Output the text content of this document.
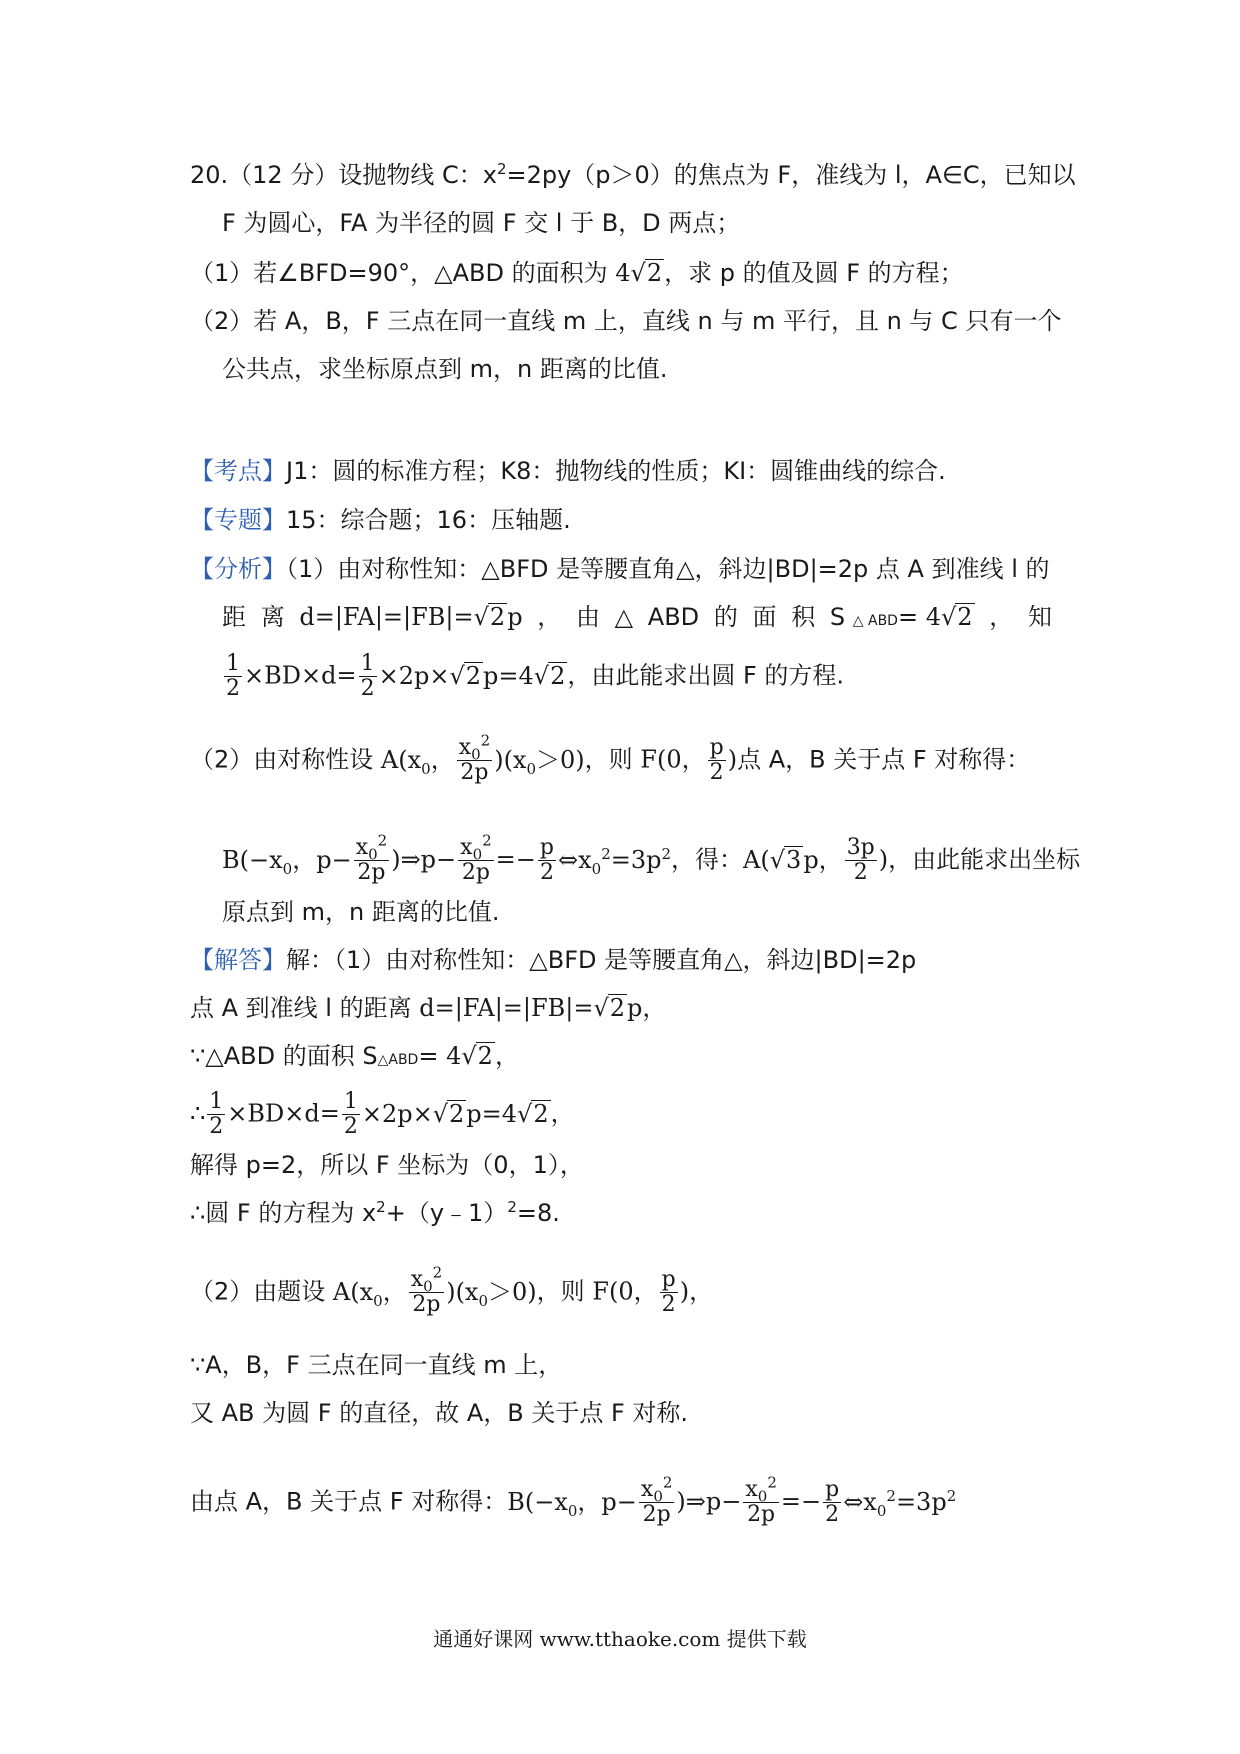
20.（12 分）设抛物线 C：$x^2=2py(p>0)$的焦点为 F，准线为 l，A∈C，已知以
F 为圆心，FA 为半径的圆 F 交 l 于 B，D 两点；
（1）若∠BFD=90°，△ABD 的面积为 4√2，求 p 的值及圆 F 的方程；
（2）若 A，B，F 三点在同一直线 m 上，直线 n 与 m 平行，且 n 与 C 只有一个
公共点，求坐标原点到 m，n 距离的比值.
【考点】J1：圆的标准方程；K8：抛物线的性质；KI：圆锥曲线的综合.
【专题】15：综合题；16：压轴题.
【分析】（1）由对称性知：△BFD 是等腰直角△，斜边|BD|=2p 点 A 到准线 l 的
距 离 d=|FA|=|FB|=√2p ， 由 △ ABD 的 面 积 S △ ABD= 4√2 ， 知
$\frac{1}{2} \times BD\times d= \frac{1}{2} \times 2p\times√2p=4√2$，由此能求出圆 F 的方程.
（2）由对称性设 $A(x_0$， $\frac{x_0^2}{2p} )(x_0>0)$，则 F(0， $\frac{p}{2}$ )点 A，B 关于点 F 对称得：
$B(-x_0$，$p- \frac{x_0^2}{2p}$ )⇒p− $\frac{x_0^2}{2p} =- \frac{p}{2}$ $\Leftrightarrow x_0^2=3p^2$，得：A(√3p， $\frac{3p}{2}$ )，由此能求出坐标
原点到 m，n 距离的比值.
【解答】解：（1）由对称性知：△BFD 是等腰直角△，斜边|BD|=2p
点 A 到准线 l 的距离 d=|FA|=|FB|=√2p，
∵△ABD 的面积 S△ABD= 4√2，
∴ $\frac{1}{2} \times BD\times d= \frac{1}{2} \times 2p\times√2p=4√2$，
解得 p=2，所以 F 坐标为（0，1），
∴圆 F 的方程为 $x^2+(y﹣1)^2=8$.
（2）由题设 $A(x_0$， $\frac{x_0^2}{2p} )(x_0>0)$，则 F(0， $\frac{p}{2}$ )，
∵A，B，F 三点在同一直线 m 上，
又 AB 为圆 F 的直径，故 A，B 关于点 F 对称.
由点 A，B 关于点 F 对称得：$B(-x_0$，$p- \frac{x_0^2}{2p}$ )⇒p− $\frac{x_0^2}{2p} =- \frac{p}{2}$ $\Leftrightarrow x_0^2=3p^2$
通通好课网 www.tthaoke.com 提供下载
